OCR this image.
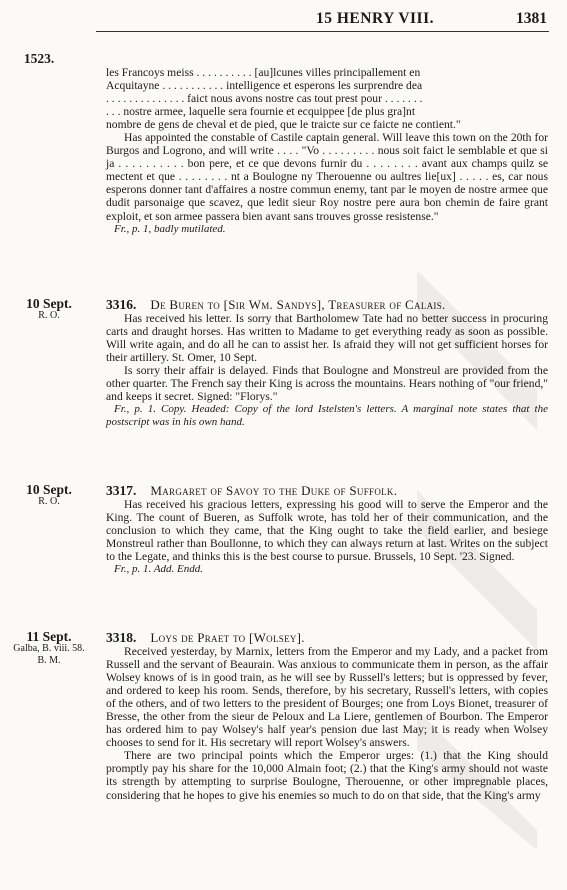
15 HENRY VIII.	1381
1523.

les Francoys meiss . . . . . . . . . . [au]lcunes villes principallement en

Acquitayne . . . . . . . . . . . intelligence et esperons les surprendre dea

. . . . . . . . . . . . . . faict nous avons nostre cas tout prest pour . . . . . . .

. . . nostre armee, laquelle sera fournie et ecquippee [de plus gra]nt

nombre de gens de cheval et de pied, que le traicte sur ce faicte ne contient."

Has appointed the constable of Castile captain general. Will leave this town on the 20th for Burgos and Logrono, and will write . . . . "Vo . . . . . . . . . nous soit faict le semblable et que si ja . . . . . . . . . . bon pere, et ce que devons furnir du . . . . . . . . avant aux champs quilz se mectent et que . . . . . . . . nt a Boulogne ny Therouenne ou aultres lie[ux] . . . . . es, car nous esperons donner tant d'affaires a nostre commun enemy, tant par le moyen de nostre armee que dudit parsonaige que scavez, que ledit sieur Roy nostre pere aura bon chemin de faire grant exploit, et son armee passera bien avant sans trouves grosse resistense."

Fr., p. 1, badly mutilated.

10 Sept.
R. O.

3316. De Buren to [Sir Wm. Sandys], Treasurer of Calais.

Has received his letter. Is sorry that Bartholomew Tate had no better success in procuring carts and draught horses. Has written to Madame to get everything ready as soon as possible. Will write again, and do all he can to assist her. Is afraid they will not get sufficient horses for their artillery. St. Omer, 10 Sept.

Is sorry their affair is delayed. Finds that Boulogne and Monstreul are provided from the other quarter. The French say their King is across the mountains. Hears nothing of "our friend," and keeps it secret. Signed: "Florys."

Fr., p. 1. Copy. Headed: Copy of the lord Istelsten's letters. A marginal note states that the postscript was in his own hand.

10 Sept.
R. O.

3317. Margaret of Savoy to the Duke of Suffolk.

Has received his gracious letters, expressing his good will to serve the Emperor and the King. The count of Bueren, as Suffolk wrote, has told her of their communication, and the conclusion to which they came, that the King ought to take the field earlier, and besiege Monstreul rather than Boullonne, to which they can always return at last. Writes on the subject to the Legate, and thinks this is the best course to pursue. Brussels, 10 Sept. '23. Signed.

Fr., p. 1. Add. Endd.

11 Sept.
Galba, B. viii. 58.
B. M.

3318. Loys de Praet to [Wolsey].

Received yesterday, by Marnix, letters from the Emperor and my Lady, and a packet from Russell and the servant of Beaurain. Was anxious to communicate them in person, as the affair Wolsey knows of is in good train, as he will see by Russell's letters; but is oppressed by fever, and ordered to keep his room. Sends, therefore, by his secretary, Russell's letters, with copies of the others, and of two letters to the president of Bourges; one from Loys Bionet, treasurer of Bresse, the other from the sieur de Peloux and La Liere, gentlemen of Bourbon. The Emperor has ordered him to pay Wolsey's half year's pension due last May; it is ready when Wolsey chooses to send for it. His secretary will report Wolsey's answers.

There are two principal points which the Emperor urges: (1.) that the King should promptly pay his share for the 10,000 Almain foot; (2.) that the King's army should not waste its strength by attempting to surprise Boulogne, Therouenne, or other impregnable places, considering that he hopes to give his enemies so much to do on that side, that the King's army
